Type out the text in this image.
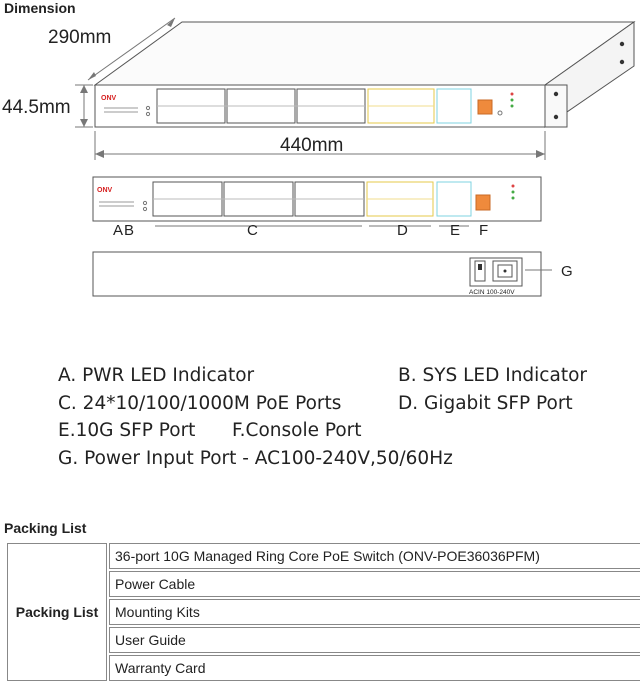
Dimension
ONV
290mm
44.5mm
440mm
ONV
A B	C	D	E F
ACIN 100-240V
G
A. PWR LED Indicator	B. SYS LED Indicator
C. 24*10/100/1000M PoE Ports	D. Gigabit SFP Port
E.10G SFP Port F.Console Port
G. Power Input Port - AC100-240V,50/60Hz
Packing List
Packing List	36-port 10G Managed Ring Core PoE Switch (ONV-POE36036PFM)
Power Cable
Mounting Kits
User Guide
Warranty Card
